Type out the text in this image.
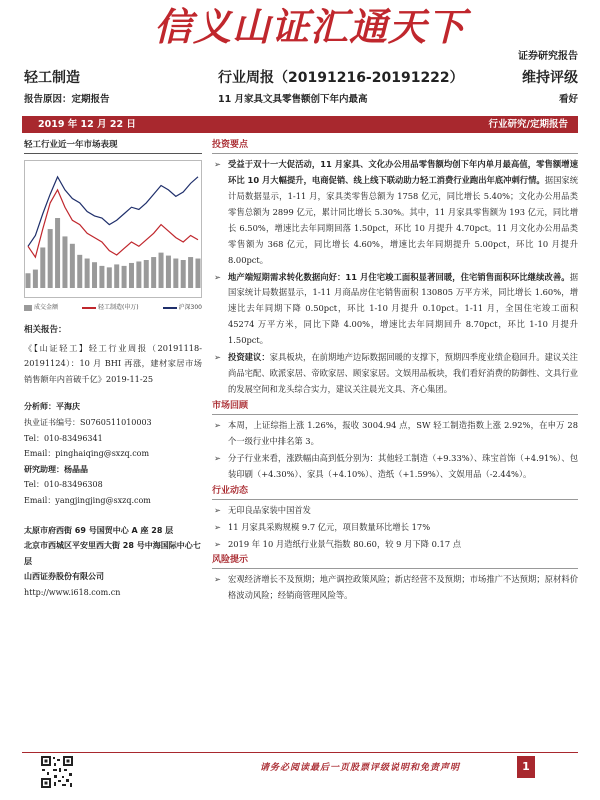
信义山证汇通天下
证券研究报告
轻工制造	行业周报（20191216-20191222）	维持评级
报告原因：定期报告	11 月家具文具零售额创下年内最高	看好
2019 年 12 月 22 日	行业研究/定期报告
轻工行业近一年市场表现
成交金额	轻工制造(申万)	沪深300
相关报告：
《【山证轻工】轻工行业周报（20191118-20191124）：10 月 BHI 再涨，建材家居市场销售额年内首破千亿》2019-11-25
分析师：平海庆
执业证书编号：S0760511010003
Tel：010-83496341
Email：pinghaiqing@sxzq.com
研究助理：杨晶晶
Tel：010-83496308
Email：yangjingjing@sxzq.com
太原市府西街 69 号国贸中心 A 座 28 层
北京市西城区平安里西大街 28 号中海国际中心七层
山西证券股份有限公司
http://www.i618.com.cn
投资要点
➢ 受益于双十一大促活动，11 月家具、文化办公用品零售额均创下年内单月最高值，零售额增速环比 10 月大幅提升，电商促销、线上线下联动助力轻工消费行业跑出年底冲刺行情。据国家统计局数据显示，1-11 月，家具类零售总额为 1758 亿元，同比增长 5.40%；文化办公用品类零售总额为 2899 亿元，累计同比增长 5.30%。其中，11 月家具零售额为 193 亿元，同比增长 6.50%，增速比去年同期回落 1.50pct，环比 10 月提升 4.70pct。11 月文化办公用品类零售额为 368 亿元，同比增长 4.60%，增速比去年同期提升 5.00pct，环比 10 月提升 8.00pct。
➢ 地产端短期需求转化数据向好：11 月住宅竣工面积显著回暖，住宅销售面积环比继续改善。据国家统计局数据显示，1-11 月商品房住宅销售面积 130805 万平方米，同比增长 1.60%，增速比去年同期下降 0.50pct，环比 1-10 月提升 0.10pct。1-11 月，全国住宅竣工面积 45274 万平方米，同比下降 4.00%，增速比去年同期回升 8.70pct，环比 1-10 月提升 1.50pct。
➢ 投资建议：家具板块，在前期地产边际数据回暖的支撑下，预期四季度业绩企稳回升。建议关注尚品宅配、欧派家居、帝欧家居、顾家家居。文娱用品板块，我们看好消费的防御性、文具行业的发展空间和龙头综合实力，建议关注晨光文具、齐心集团。
市场回顾
➢ 本周，上证综指上涨 1.26%，报收 3004.94 点，SW 轻工制造指数上涨 2.92%，在申万 28 个一级行业中排名第 3。
➢ 分子行业来看，涨跌幅由高到低分别为：其他轻工制造（+9.33%）、珠宝首饰（+4.91%）、包装印刷（+4.30%）、家具（+4.10%）、造纸（+1.59%）、文娱用品（-2.44%）。
行业动态
➢ 无印良品家装中国首发
➢ 11 月家具采购规模 9.7 亿元，项目数量环比增长 17%
➢ 2019 年 10 月造纸行业景气指数 80.60，较 9 月下降 0.17 点
风险提示
➢ 宏观经济增长不及预期；地产调控政策风险；新店经营不及预期；市场推广不达预期；原材料价格波动风险；经销商管理风险等。
请务必阅读最后一页股票评级说明和免责声明	1
